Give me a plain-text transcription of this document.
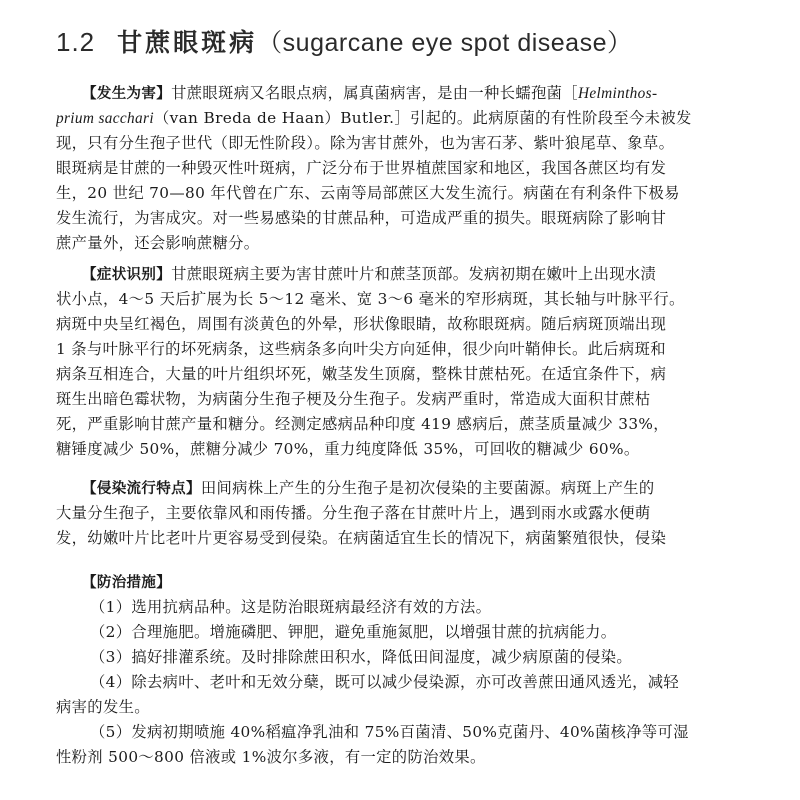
1.2 甘蔗眼斑病（sugarcane eye spot disease）
【发生为害】甘蔗眼斑病又名眼点病，属真菌病害，是由一种长蠕孢菌［Helminthos-
prium sacchari（van Breda de Haan）Butler.］引起的。此病原菌的有性阶段至今未被发
现，只有分生孢子世代（即无性阶段）。除为害甘蔗外，也为害石茅、紫叶狼尾草、象草。
眼斑病是甘蔗的一种毁灭性叶斑病，广泛分布于世界植蔗国家和地区，我国各蔗区均有发
生，20 世纪 70—80 年代曾在广东、云南等局部蔗区大发生流行。病菌在有利条件下极易
发生流行，为害成灾。对一些易感染的甘蔗品种，可造成严重的损失。眼斑病除了影响甘
蔗产量外，还会影响蔗糖分。
【症状识别】甘蔗眼斑病主要为害甘蔗叶片和蔗茎顶部。发病初期在嫩叶上出现水渍
状小点，4～5 天后扩展为长 5～12 毫米、宽 3～6 毫米的窄形病斑，其长轴与叶脉平行。
病斑中央呈红褐色，周围有淡黄色的外晕，形状像眼睛，故称眼斑病。随后病斑顶端出现
1 条与叶脉平行的坏死病条，这些病条多向叶尖方向延伸，很少向叶鞘伸长。此后病斑和
病条互相连合，大量的叶片组织坏死，嫩茎发生顶腐，整株甘蔗枯死。在适宜条件下，病
斑生出暗色霉状物，为病菌分生孢子梗及分生孢子。发病严重时，常造成大面积甘蔗枯
死，严重影响甘蔗产量和糖分。经测定感病品种印度 419 感病后，蔗茎质量减少 33%，
糖锤度减少 50%，蔗糖分减少 70%，重力纯度降低 35%，可回收的糖减少 60%。
【侵染流行特点】田间病株上产生的分生孢子是初次侵染的主要菌源。病斑上产生的
大量分生孢子，主要依靠风和雨传播。分生孢子落在甘蔗叶片上，遇到雨水或露水便萌
发，幼嫩叶片比老叶片更容易受到侵染。在病菌适宜生长的情况下，病菌繁殖很快，侵染
【防治措施】
（1）选用抗病品种。这是防治眼斑病最经济有效的方法。
（2）合理施肥。增施磷肥、钾肥，避免重施氮肥，以增强甘蔗的抗病能力。
（3）搞好排灌系统。及时排除蔗田积水，降低田间湿度，减少病原菌的侵染。
（4）除去病叶、老叶和无效分蘖，既可以减少侵染源，亦可改善蔗田通风透光，减轻
病害的发生。
（5）发病初期喷施 40%稻瘟净乳油和 75%百菌清、50%克菌丹、40%菌核净等可湿
性粉剂 500～800 倍液或 1%波尔多液，有一定的防治效果。
